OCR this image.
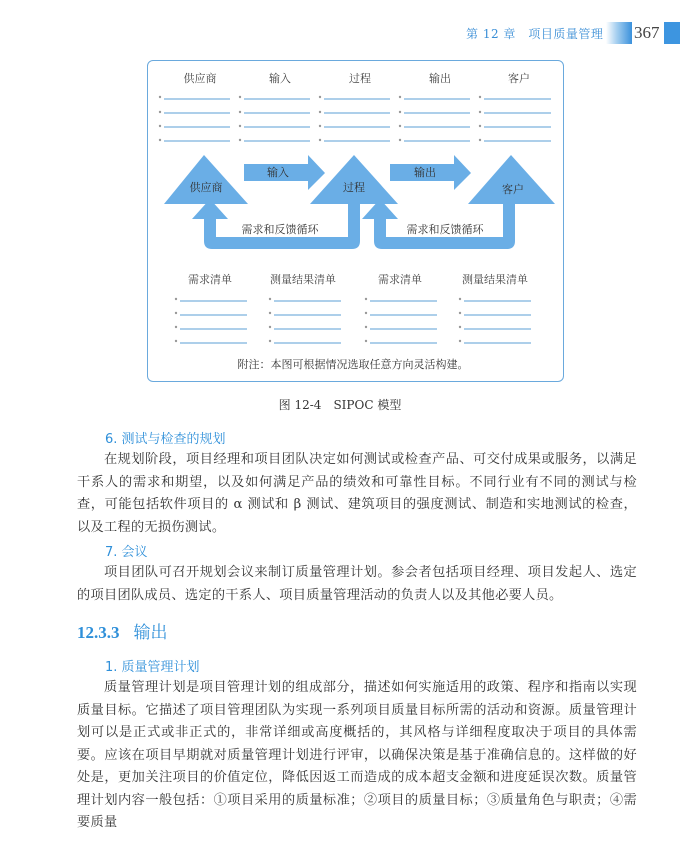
第 12 章　项目质量管理 367
供应商	输入	过程	输出	客户
供应商	过程	客户
输入	输出
需求和反馈循环	需求和反馈循环
需求清单	测量结果清单	需求清单	测量结果清单
附注：本图可根据情况选取任意方向灵活构建。
图 12-4　SIPOC 模型
6. 测试与检查的规划
在规划阶段，项目经理和项目团队决定如何测试或检查产品、可交付成果或服务，以满足干系人的需求和期望，以及如何满足产品的绩效和可靠性目标。不同行业有不同的测试与检查，可能包括软件项目的 α 测试和 β 测试、建筑项目的强度测试、制造和实地测试的检查，以及工程的无损伤测试。
7. 会议
项目团队可召开规划会议来制订质量管理计划。参会者包括项目经理、项目发起人、选定的项目团队成员、选定的干系人、项目质量管理活动的负责人以及其他必要人员。
12.3.3 输出
1. 质量管理计划
质量管理计划是项目管理计划的组成部分，描述如何实施适用的政策、程序和指南以实现质量目标。它描述了项目管理团队为实现一系列项目质量目标所需的活动和资源。质量管理计划可以是正式或非正式的，非常详细或高度概括的，其风格与详细程度取决于项目的具体需要。应该在项目早期就对质量管理计划进行评审，以确保决策是基于准确信息的。这样做的好处是，更加关注项目的价值定位，降低因返工而造成的成本超支金额和进度延误次数。质量管理计划内容一般包括：①项目采用的质量标准；②项目的质量目标；③质量角色与职责；④需要质量
